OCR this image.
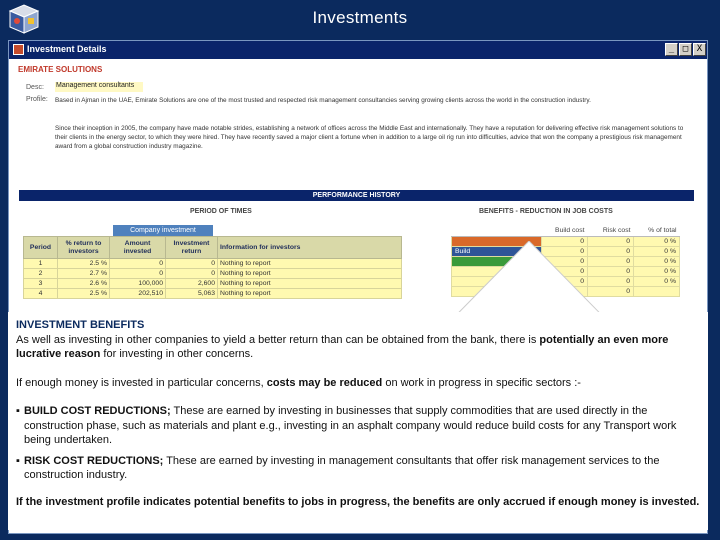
Investments
Investment Details	_ □ X
EMIRATE SOLUTIONS
Desc: Management consultants
Profile: Based in Ajman in the UAE, Emirate Solutions are one of the most trusted and respected risk management consultancies serving growing clients across the world in the construction industry.
Since their inception in 2005, the company have made notable strides, establishing a network of offices across the Middle East and internationally. They have a reputation for delivering effective risk management solutions to their clients in the energy sector, to which they were hired. They have recently saved a major client a fortune when in addition to a large oil rig run into difficulties, advice that won the company a prestigious risk management award from a global construction industry magazine.
PERFORMANCE HISTORY
PERIOD OF TIMES	BENEFITS - REDUCTION IN JOB COSTS
Company investment
Period	% return to investors	Amount invested	Investment return	Information for investors
1	2.5 %	0	0	Nothing to report
2	2.7 %	0	0	Nothing to report
3	2.6 %	100,000	2,600	Nothing to report
4	2.5 %	202,510	5,063	Nothing to report
	Build cost	Risk cost	% of total
	0	0	0 %
Build	0	0	0 %
	0	0	0 %
	0	0	0 %
	0	0	0 %
		0	

INVESTMENT BENEFITS

As well as investing in other companies to yield a better return than can be obtained from the bank, there is potentially an even more lucrative reason for investing in other concerns.

If enough money is invested in particular concerns, costs may be reduced on work in progress in specific sectors :-

▪ BUILD COST REDUCTIONS; These are earned by investing in businesses that supply commodities that are used directly in the construction phase, such as materials and plant e.g., investing in an asphalt company would reduce build costs for any Transport work being undertaken.
▪ RISK COST REDUCTIONS; These are earned by investing in management consultants that offer risk management services to the construction industry.

If the investment profile indicates potential benefits to jobs in progress, the benefits are only accrued if enough money is invested.
